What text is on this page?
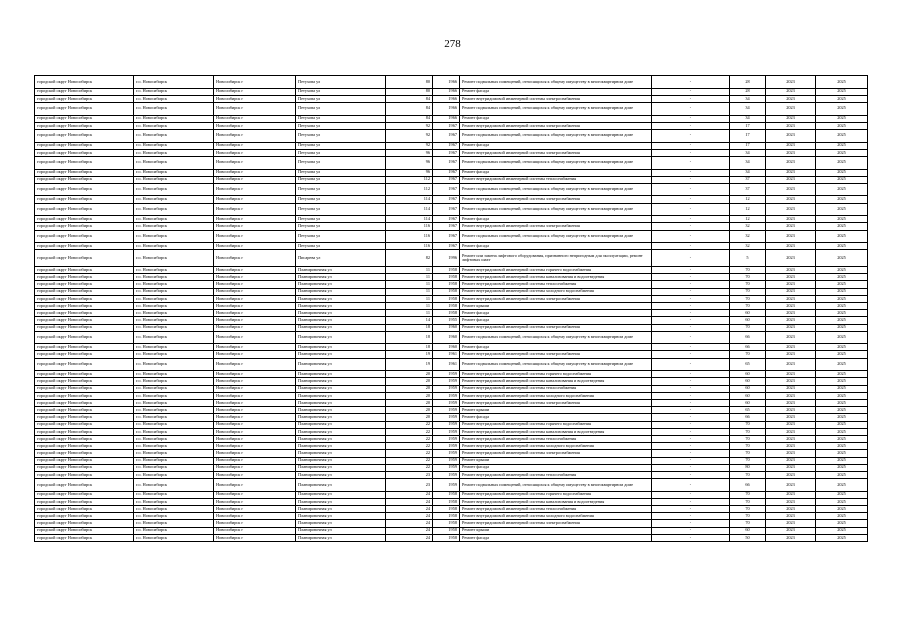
278
городской округ Новосибирск	г.о. Новосибирск	Новосибирск г	Петухова ул	80	1966	Ремонт подвальных помещений, относящихся к общему имуществу в многоквартирном доме	-	28	2023	2025
городской округ Новосибирск	г.о. Новосибирск	Новосибирск г	Петухова ул	80	1966	Ремонт фасада	-	28	2023	2025
городской округ Новосибирск	г.о. Новосибирск	Новосибирск г	Петухова ул	84	1966	Ремонт внутридомовой инженерной системы электроснабжения	-	34	2023	2025
городской округ Новосибирск	г.о. Новосибирск	Новосибирск г	Петухова ул	84	1966	Ремонт подвальных помещений, относящихся к общему имуществу в многоквартирном доме	-	34	2023	2025
городской округ Новосибирск	г.о. Новосибирск	Новосибирск г	Петухова ул	84	1966	Ремонт фасада	-	34	2023	2025
городской округ Новосибирск	г.о. Новосибирск	Новосибирск г	Петухова ул	92	1967	Ремонт внутридомовой инженерной системы электроснабжения	-	17	2023	2025
городской округ Новосибирск	г.о. Новосибирск	Новосибирск г	Петухова ул	92	1967	Ремонт подвальных помещений, относящихся к общему имуществу в многоквартирном доме	-	17	2023	2025
городской округ Новосибирск	г.о. Новосибирск	Новосибирск г	Петухова ул	92	1967	Ремонт фасада	-	17	2023	2025
городской округ Новосибирск	г.о. Новосибирск	Новосибирск г	Петухова ул	96	1967	Ремонт внутридомовой инженерной системы электроснабжения	-	34	2023	2025
городской округ Новосибирск	г.о. Новосибирск	Новосибирск г	Петухова ул	96	1967	Ремонт подвальных помещений, относящихся к общему имуществу в многоквартирном доме	-	34	2023	2025
городской округ Новосибирск	г.о. Новосибирск	Новосибирск г	Петухова ул	96	1967	Ремонт фасада	-	34	2023	2025
городской округ Новосибирск	г.о. Новосибирск	Новосибирск г	Петухова ул	112	1967	Ремонт внутридомовой инженерной системы теплоснабжения	-	37	2023	2025
городской округ Новосибирск	г.о. Новосибирск	Новосибирск г	Петухова ул	112	1967	Ремонт подвальных помещений, относящихся к общему имуществу в многоквартирном доме	-	37	2023	2025
городской округ Новосибирск	г.о. Новосибирск	Новосибирск г	Петухова ул	114	1967	Ремонт внутридомовой инженерной системы электроснабжения	-	12	2023	2025
городской округ Новосибирск	г.о. Новосибирск	Новосибирск г	Петухова ул	114	1967	Ремонт подвальных помещений, относящихся к общему имуществу в многоквартирном доме	-	12	2023	2025
городской округ Новосибирск	г.о. Новосибирск	Новосибирск г	Петухова ул	114	1967	Ремонт фасада	-	12	2023	2025
городской округ Новосибирск	г.о. Новосибирск	Новосибирск г	Петухова ул	116	1967	Ремонт внутридомовой инженерной системы электроснабжения	-	32	2023	2025
городской округ Новосибирск	г.о. Новосибирск	Новосибирск г	Петухова ул	116	1967	Ремонт подвальных помещений, относящихся к общему имуществу в многоквартирном доме	-	32	2023	2025
городской округ Новосибирск	г.о. Новосибирск	Новосибирск г	Петухова ул	116	1967	Ремонт фасада	-	32	2023	2025
городской округ Новосибирск	г.о. Новосибирск	Новосибирск г	Писарева ул	82	1996	Ремонт или замена лифтового оборудования, признанного непригодным для эксплуатации, ремонт лифтовых шахт	-	5	2023	2025
городской округ Новосибирск	г.о. Новосибирск	Новосибирск г	Планировочная ул	11	1958	Ремонт внутридомовой инженерной системы горячего водоснабжения	-	70	2023	2025
городской округ Новосибирск	г.о. Новосибирск	Новосибирск г	Планировочная ул	11	1958	Ремонт внутридомовой инженерной системы канализования и водоотведения	-	70	2023	2025
городской округ Новосибирск	г.о. Новосибирск	Новосибирск г	Планировочная ул	11	1958	Ремонт внутридомовой инженерной системы теплоснабжения	-	70	2023	2025
городской округ Новосибирск	г.о. Новосибирск	Новосибирск г	Планировочная ул	11	1958	Ремонт внутридомовой инженерной системы холодного водоснабжения	-	70	2023	2025
городской округ Новосибирск	г.о. Новосибирск	Новосибирск г	Планировочная ул	11	1958	Ремонт внутридомовой инженерной системы электроснабжения	-	70	2023	2025
городской округ Новосибирск	г.о. Новосибирск	Новосибирск г	Планировочная ул	11	1958	Ремонт крыши	-	70	2023	2025
городской округ Новосибирск	г.о. Новосибирск	Новосибирск г	Планировочная ул	11	1958	Ремонт фасада	-	60	2023	2025
городской округ Новосибирск	г.о. Новосибирск	Новосибирск г	Планировочная ул	14	1955	Ремонт фасада	-	60	2023	2025
городской округ Новосибирск	г.о. Новосибирск	Новосибирск г	Планировочная ул	18	1960	Ремонт внутридомовой инженерной системы электроснабжения	-	70	2023	2025
городской округ Новосибирск	г.о. Новосибирск	Новосибирск г	Планировочная ул	18	1960	Ремонт подвальных помещений, относящихся к общему имуществу в многоквартирном доме	-	66	2023	2025
городской округ Новосибирск	г.о. Новосибирск	Новосибирск г	Планировочная ул	18	1960	Ремонт фасада	-	66	2023	2025
городской округ Новосибирск	г.о. Новосибирск	Новосибирск г	Планировочная ул	19	1961	Ремонт внутридомовой инженерной системы электроснабжения	-	70	2023	2025
городской округ Новосибирск	г.о. Новосибирск	Новосибирск г	Планировочная ул	19	1961	Ремонт подвальных помещений, относящихся к общему имуществу в многоквартирном доме	-	65	2023	2025
городской округ Новосибирск	г.о. Новосибирск	Новосибирск г	Планировочная ул	20	1959	Ремонт внутридомовой инженерной системы горячего водоснабжения	-	60	2023	2025
городской округ Новосибирск	г.о. Новосибирск	Новосибирск г	Планировочная ул	20	1959	Ремонт внутридомовой инженерной системы канализования и водоотведения	-	60	2023	2025
городской округ Новосибирск	г.о. Новосибирск	Новосибирск г	Планировочная ул	20	1959	Ремонт внутридомовой инженерной системы теплоснабжения	-	60	2023	2025
городской округ Новосибирск	г.о. Новосибирск	Новосибирск г	Планировочная ул	20	1959	Ремонт внутридомовой инженерной системы холодного водоснабжения	-	60	2023	2025
городской округ Новосибирск	г.о. Новосибирск	Новосибирск г	Планировочная ул	20	1959	Ремонт внутридомовой инженерной системы электроснабжения	-	60	2023	2025
городской округ Новосибирск	г.о. Новосибирск	Новосибирск г	Планировочная ул	20	1959	Ремонт крыши	-	65	2023	2025
городской округ Новосибирск	г.о. Новосибирск	Новосибирск г	Планировочная ул	20	1959	Ремонт фасада	-	66	2023	2025
городской округ Новосибирск	г.о. Новосибирск	Новосибирск г	Планировочная ул	22	1959	Ремонт внутридомовой инженерной системы горячего водоснабжения	-	70	2023	2025
городской округ Новосибирск	г.о. Новосибирск	Новосибирск г	Планировочная ул	22	1959	Ремонт внутридомовой инженерной системы канализования и водоотведения	-	70	2023	2025
городской округ Новосибирск	г.о. Новосибирск	Новосибирск г	Планировочная ул	22	1959	Ремонт внутридомовой инженерной системы теплоснабжения	-	70	2023	2025
городской округ Новосибирск	г.о. Новосибирск	Новосибирск г	Планировочная ул	22	1959	Ремонт внутридомовой инженерной системы холодного водоснабжения	-	70	2023	2025
городской округ Новосибирск	г.о. Новосибирск	Новосибирск г	Планировочная ул	22	1959	Ремонт внутридомовой инженерной системы электроснабжения	-	70	2023	2025
городской округ Новосибирск	г.о. Новосибирск	Новосибирск г	Планировочная ул	22	1959	Ремонт крыши	-	70	2023	2025
городской округ Новосибирск	г.о. Новосибирск	Новосибирск г	Планировочная ул	22	1959	Ремонт фасада	-	80	2023	2025
городской округ Новосибирск	г.о. Новосибирск	Новосибирск г	Планировочная ул	23	1959	Ремонт внутридомовой инженерной системы теплоснабжения	-	70	2023	2025
городской округ Новосибирск	г.о. Новосибирск	Новосибирск г	Планировочная ул	23	1959	Ремонт подвальных помещений, относящихся к общему имуществу в многоквартирном доме	-	66	2023	2025
городской округ Новосибирск	г.о. Новосибирск	Новосибирск г	Планировочная ул	24	1958	Ремонт внутридомовой инженерной системы горячего водоснабжения	-	70	2023	2025
городской округ Новосибирск	г.о. Новосибирск	Новосибирск г	Планировочная ул	24	1958	Ремонт внутридомовой инженерной системы канализования и водоотведения	-	70	2023	2025
городской округ Новосибирск	г.о. Новосибирск	Новосибирск г	Планировочная ул	24	1958	Ремонт внутридомовой инженерной системы теплоснабжения	-	70	2023	2025
городской округ Новосибирск	г.о. Новосибирск	Новосибирск г	Планировочная ул	24	1958	Ремонт внутридомовой инженерной системы холодного водоснабжения	-	70	2023	2025
городской округ Новосибирск	г.о. Новосибирск	Новосибирск г	Планировочная ул	24	1958	Ремонт внутридомовой инженерной системы электроснабжения	-	70	2023	2025
городской округ Новосибирск	г.о. Новосибирск	Новосибирск г	Планировочная ул	24	1958	Ремонт крыши	-	60	2023	2025
городской округ Новосибирск	г.о. Новосибирск	Новосибирск г	Планировочная ул	24	1958	Ремонт фасада	-	50	2023	2025
